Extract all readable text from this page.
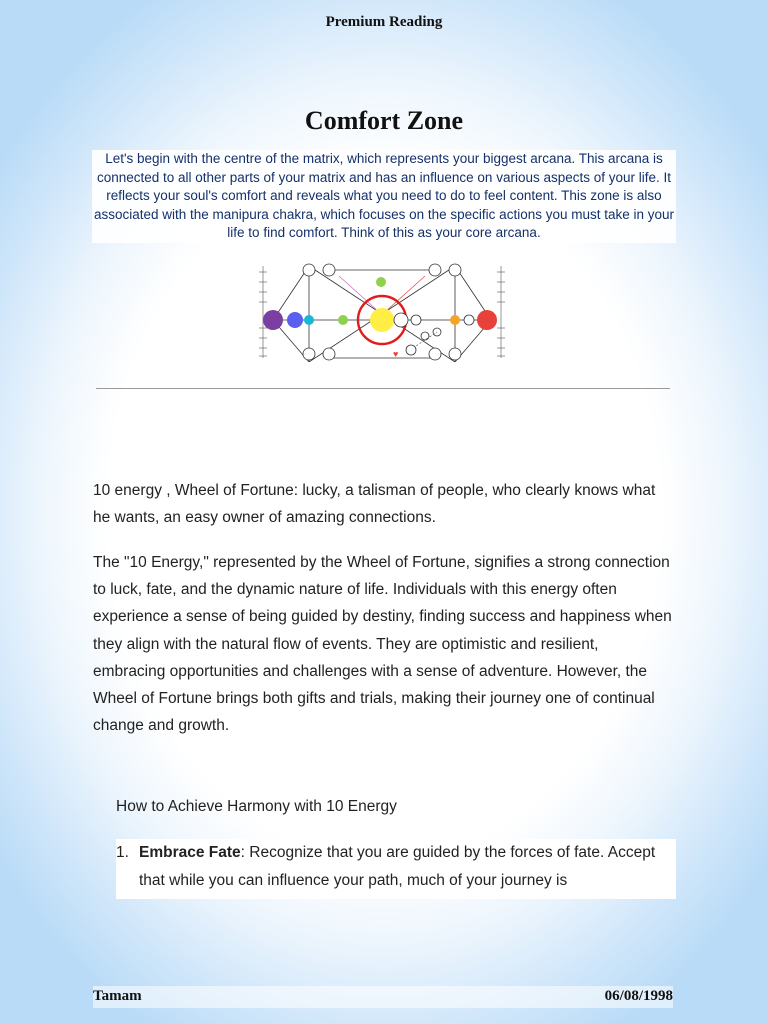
Premium Reading
Comfort Zone
Let's begin with the centre of the matrix, which represents your biggest arcana. This arcana is connected to all other parts of your matrix and has an influence on various aspects of your life. It reflects your soul's comfort and reveals what you need to do to feel content. This zone is also associated with the manipura chakra, which focuses on the specific actions you must take in your life to find comfort. Think of this as your core arcana.
♥

10 energy , Wheel of Fortune: lucky, a talisman of people, who clearly knows what he wants, an easy owner of amazing connections.

The "10 Energy," represented by the Wheel of Fortune, signifies a strong connection to luck, fate, and the dynamic nature of life. Individuals with this energy often experience a sense of being guided by destiny, finding success and happiness when they align with the natural flow of events. They are optimistic and resilient, embracing opportunities and challenges with a sense of adventure. However, the Wheel of Fortune brings both gifts and trials, making their journey one of continual change and growth.

How to Achieve Harmony with 10 Energy
1. Embrace Fate: Recognize that you are guided by the forces of fate. Accept that while you can influence your path, much of your journey is
Tamam	06/08/1998
